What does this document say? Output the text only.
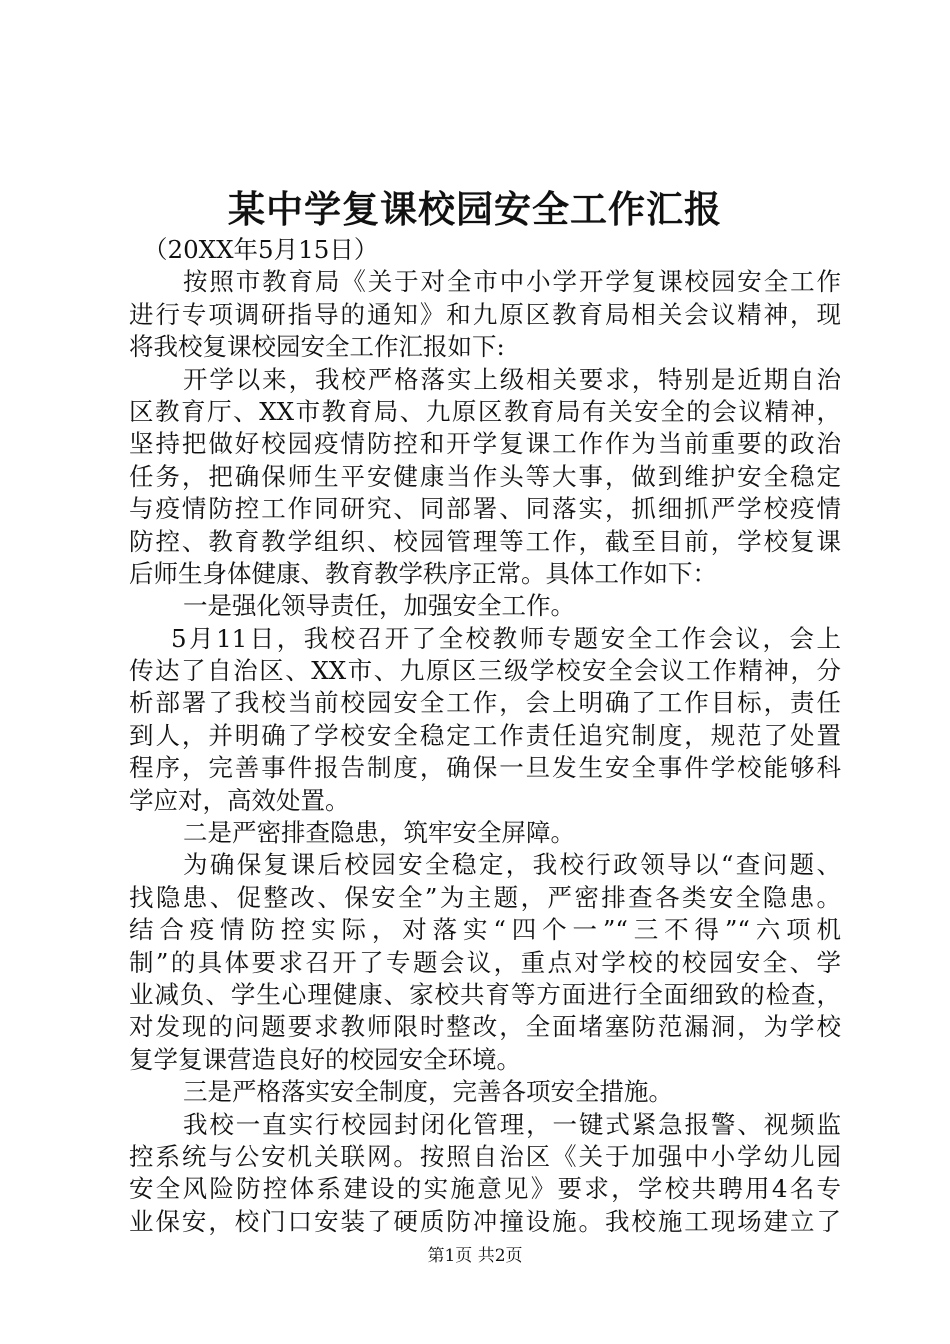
某中学复课校园安全工作汇报
（20XX年5月15日）
按照市教育局《关于对全市中小学开学复课校园安全工作
进行专项调研指导的通知》和九原区教育局相关会议精神，现
将我校复课校园安全工作汇报如下:
开学以来，我校严格落实上级相关要求，特别是近期自治
区教育厅、XX市教育局、九原区教育局有关安全的会议精神，
坚持把做好校园疫情防控和开学复课工作作为当前重要的政治
任务，把确保师生平安健康当作头等大事，做到维护安全稳定
与疫情防控工作同研究、同部署、同落实，抓细抓严学校疫情
防控、教育教学组织、校园管理等工作，截至目前，学校复课
后师生身体健康、教育教学秩序正常。具体工作如下：
一是强化领导责任，加强安全工作。
5月11日，我校召开了全校教师专题安全工作会议，会上
传达了自治区、XX市、九原区三级学校安全会议工作精神，分
析部署了我校当前校园安全工作，会上明确了工作目标，责任
到人，并明确了学校安全稳定工作责任追究制度，规范了处置
程序，完善事件报告制度，确保一旦发生安全事件学校能够科
学应对，高效处置。
二是严密排查隐患，筑牢安全屏障。
为确保复课后校园安全稳定，我校行政领导以“查问题、
找隐患、促整改、保安全”为主题，严密排查各类安全隐患。
结合疫情防控实际，对落实“四个一”“三不得”“六项机
制”的具体要求召开了专题会议，重点对学校的校园安全、学
业减负、学生心理健康、家校共育等方面进行全面细致的检查，
对发现的问题要求教师限时整改，全面堵塞防范漏洞，为学校
复学复课营造良好的校园安全环境。
三是严格落实安全制度，完善各项安全措施。
我校一直实行校园封闭化管理，一键式紧急报警、视频监
控系统与公安机关联网。按照自治区《关于加强中小学幼儿园
安全风险防控体系建设的实施意见》要求，学校共聘用4名专
业保安，校门口安装了硬质防冲撞设施。我校施工现场建立了
第1页 共2页
